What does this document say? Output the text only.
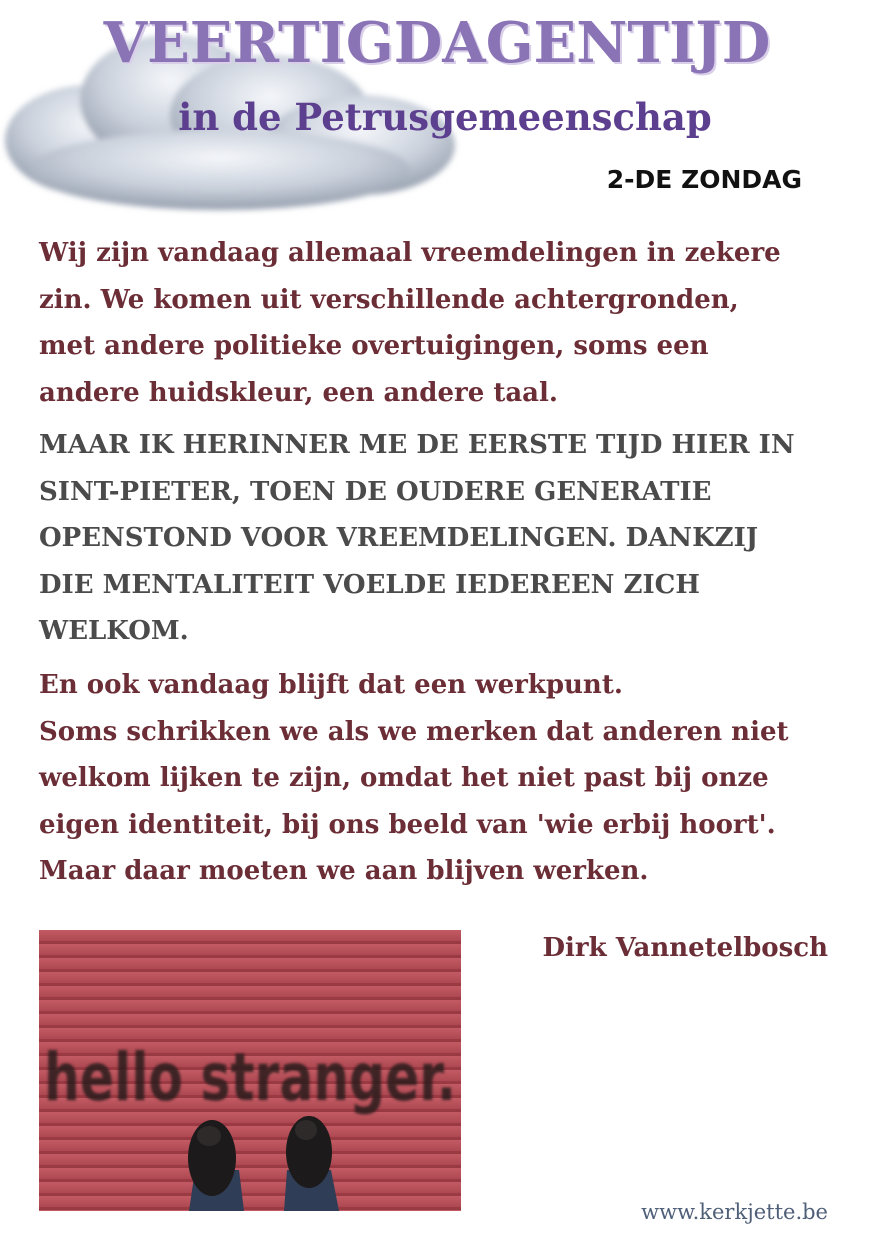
VEERTIGDAGENTIJD
in de Petrusgemeenschap

2-DE ZONDAG

Wij zijn vandaag allemaal vreemdelingen in zekere
zin. We komen uit verschillende achtergronden,
met andere politieke overtuigingen, soms een
andere huidskleur, een andere taal.

MAAR IK HERINNER ME DE EERSTE TIJD HIER IN
SINT-PIETER, TOEN DE OUDERE GENERATIE
OPENSTOND VOOR VREEMDELINGEN. DANKZIJ
DIE MENTALITEIT VOELDE IEDEREEN ZICH
WELKOM.

En ook vandaag blijft dat een werkpunt.
Soms schrikken we als we merken dat anderen niet
welkom lijken te zijn, omdat het niet past bij onze
eigen identiteit, bij ons beeld van 'wie erbij hoort'.
Maar daar moeten we aan blijven werken.

hello stranger.

Dirk Vannetelbosch

www.kerkjette.be
